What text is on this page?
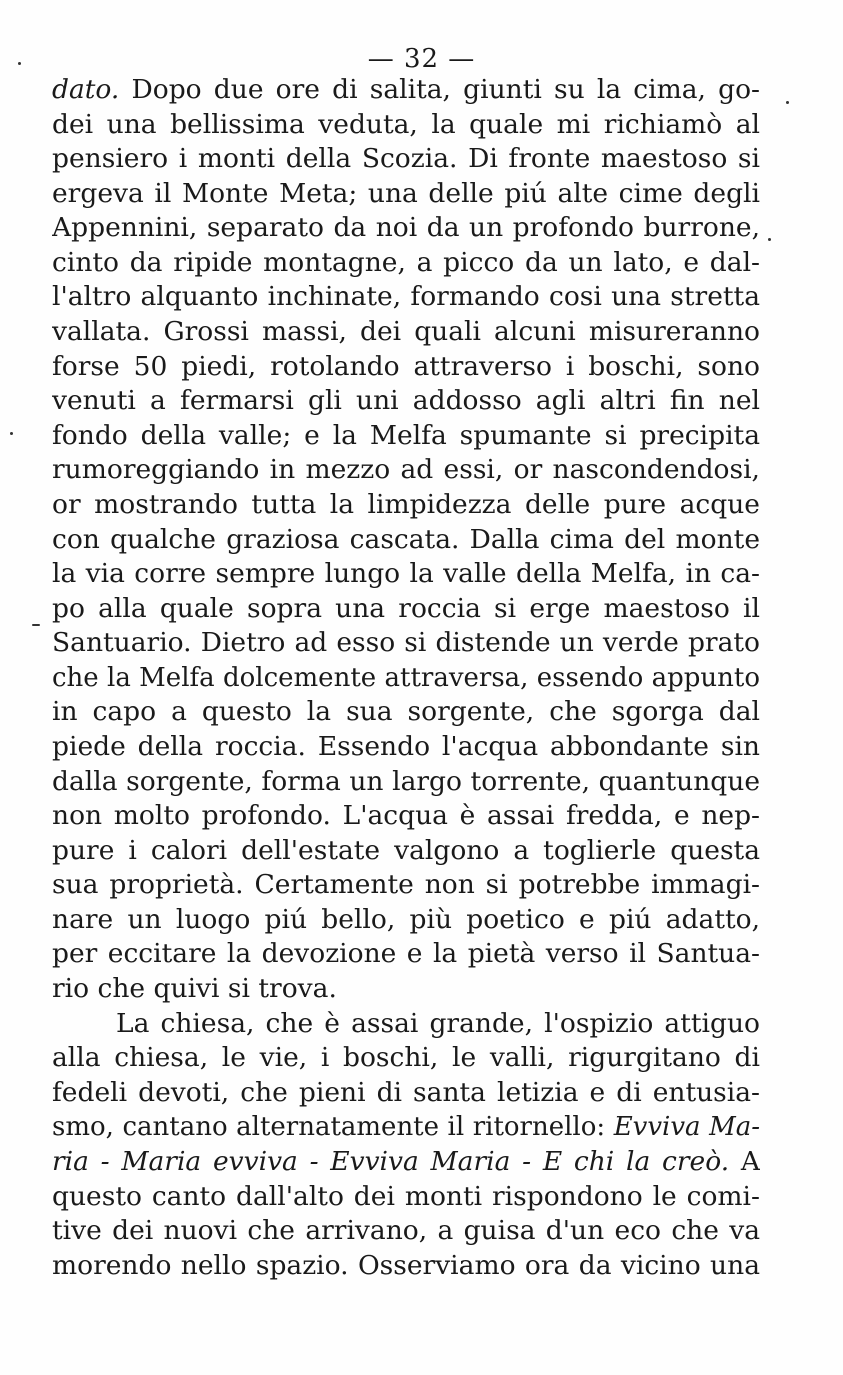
— 32 —
dato. Dopo due ore di salita, giunti su la cima, go-
dei una bellissima veduta, la quale mi richiamò al
pensiero i monti della Scozia. Di fronte maestoso si
ergeva il Monte Meta; una delle piú alte cime degli
Appennini, separato da noi da un profondo burrone,
cinto da ripide montagne, a picco da un lato, e dal-
l'altro alquanto inchinate, formando cosi una stretta
vallata. Grossi massi, dei quali alcuni misureranno
forse 50 piedi, rotolando attraverso i boschi, sono
venuti a fermarsi gli uni addosso agli altri fin nel
fondo della valle; e la Melfa spumante si precipita
rumoreggiando in mezzo ad essi, or nascondendosi,
or mostrando tutta la limpidezza delle pure acque
con qualche graziosa cascata. Dalla cima del monte
la via corre sempre lungo la valle della Melfa, in ca-
po alla quale sopra una roccia si erge maestoso il
Santuario. Dietro ad esso si distende un verde prato
che la Melfa dolcemente attraversa, essendo appunto
in capo a questo la sua sorgente, che sgorga dal
piede della roccia. Essendo l'acqua abbondante sin
dalla sorgente, forma un largo torrente, quantunque
non molto profondo. L'acqua è assai fredda, e nep-
pure i calori dell'estate valgono a toglierle questa
sua proprietà. Certamente non si potrebbe immagi-
nare un luogo piú bello, più poetico e piú adatto,
per eccitare la devozione e la pietà verso il Santua-
rio che quivi si trova.
La chiesa, che è assai grande, l'ospizio attiguo
alla chiesa, le vie, i boschi, le valli, rigurgitano di
fedeli devoti, che pieni di santa letizia e di entusia-
smo, cantano alternatamente il ritornello: Evviva Ma-
ria - Maria evviva - Evviva Maria - E chi la creò. A
questo canto dall'alto dei monti rispondono le comi-
tive dei nuovi che arrivano, a guisa d'un eco che va
morendo nello spazio. Osserviamo ora da vicino una
